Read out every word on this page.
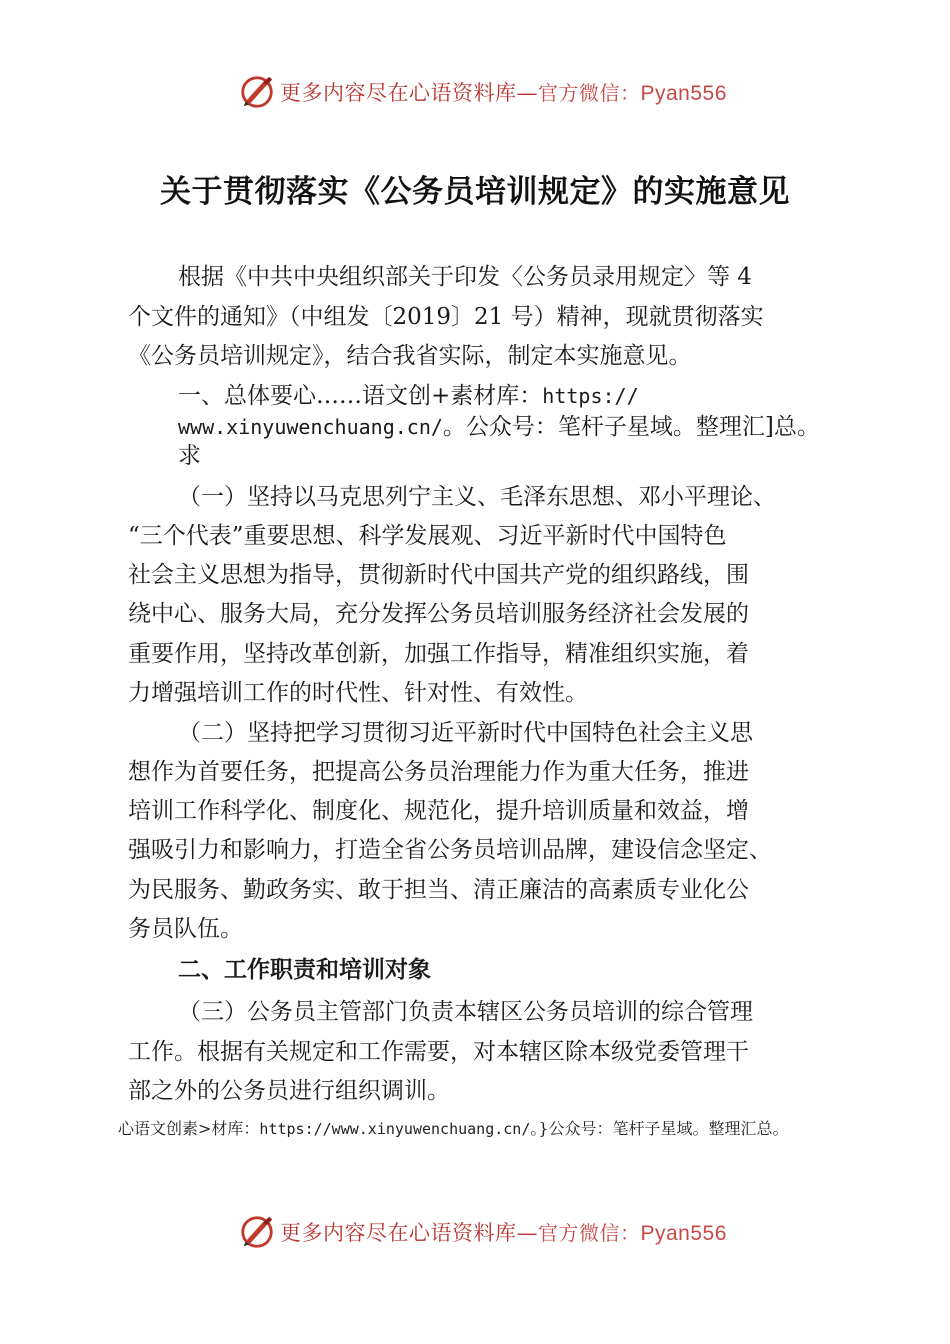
更多内容尽在心语资料库—官方微信：Pyan556
关于贯彻落实《公务员培训规定》的实施意见
根据《中共中央组织部关于印发〈公务员录用规定〉等 4
个文件的通知》（中组发〔2019〕21 号）精神，现就贯彻落实
《公务员培训规定》，结合我省实际，制定本实施意见。
一、总体要心……语文创+素材库：https://
www.xinyuwenchuang.cn/。公众号：笔杆子星域。整理汇]总。
求
（一）坚持以马克思列宁主义、毛泽东思想、邓小平理论、
“三个代表”重要思想、科学发展观、习近平新时代中国特色
社会主义思想为指导，贯彻新时代中国共产党的组织路线，围
绕中心、服务大局，充分发挥公务员培训服务经济社会发展的
重要作用，坚持改革创新，加强工作指导，精准组织实施，着
力增强培训工作的时代性、针对性、有效性。
（二）坚持把学习贯彻习近平新时代中国特色社会主义思
想作为首要任务，把提高公务员治理能力作为重大任务，推进
培训工作科学化、制度化、规范化，提升培训质量和效益，增
强吸引力和影响力，打造全省公务员培训品牌，建设信念坚定、
为民服务、勤政务实、敢于担当、清正廉洁的高素质专业化公
务员队伍。
二、工作职责和培训对象
（三）公务员主管部门负责本辖区公务员培训的综合管理
工作。根据有关规定和工作需要，对本辖区除本级党委管理干
部之外的公务员进行组织调训。
心语文创素>材库：https://www.xinyuwenchuang.cn/。}公众号：笔杆子星域。整理汇总。
更多内容尽在心语资料库—官方微信：Pyan556
